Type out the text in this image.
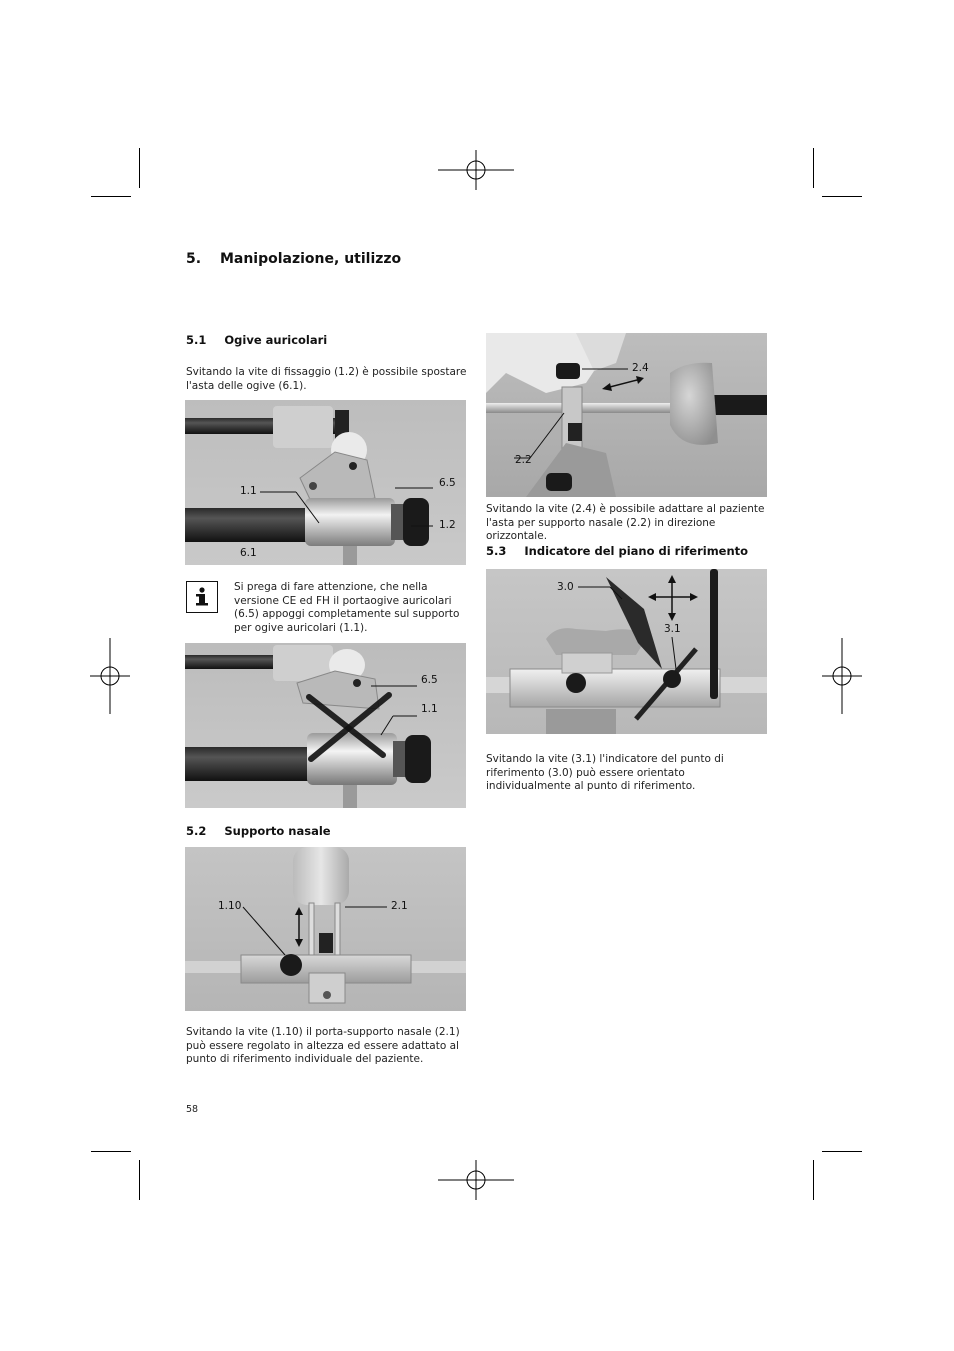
5. Manipolazione, utilizzo
5.1 Ogive auricolari
Svitando la vite di fissaggio (1.2) è possibile spostare l'asta delle ogive (6.1).
1.1
6.5
1.2
6.1
Si prega di fare attenzione, che nella versione CE ed FH il portaogive auricolari (6.5) appoggi completamente sul supporto per ogive auricolari (1.1).
6.5
1.1
5.2 Supporto nasale
1.10	2.1
Svitando la vite (1.10) il porta-supporto nasale (2.1) può essere regolato in altezza ed essere adattato al punto di riferimento individuale del paziente.
58
2.4
2.2
Svitando la vite (2.4) è possibile adattare al paziente l'asta per supporto nasale (2.2) in direzione orizzontale.
5.3 Indicatore del piano di riferimento
3.0
3.1
Svitando la vite (3.1) l'indicatore del punto di riferimento (3.0) può essere orientato individualmente al punto di riferimento.
